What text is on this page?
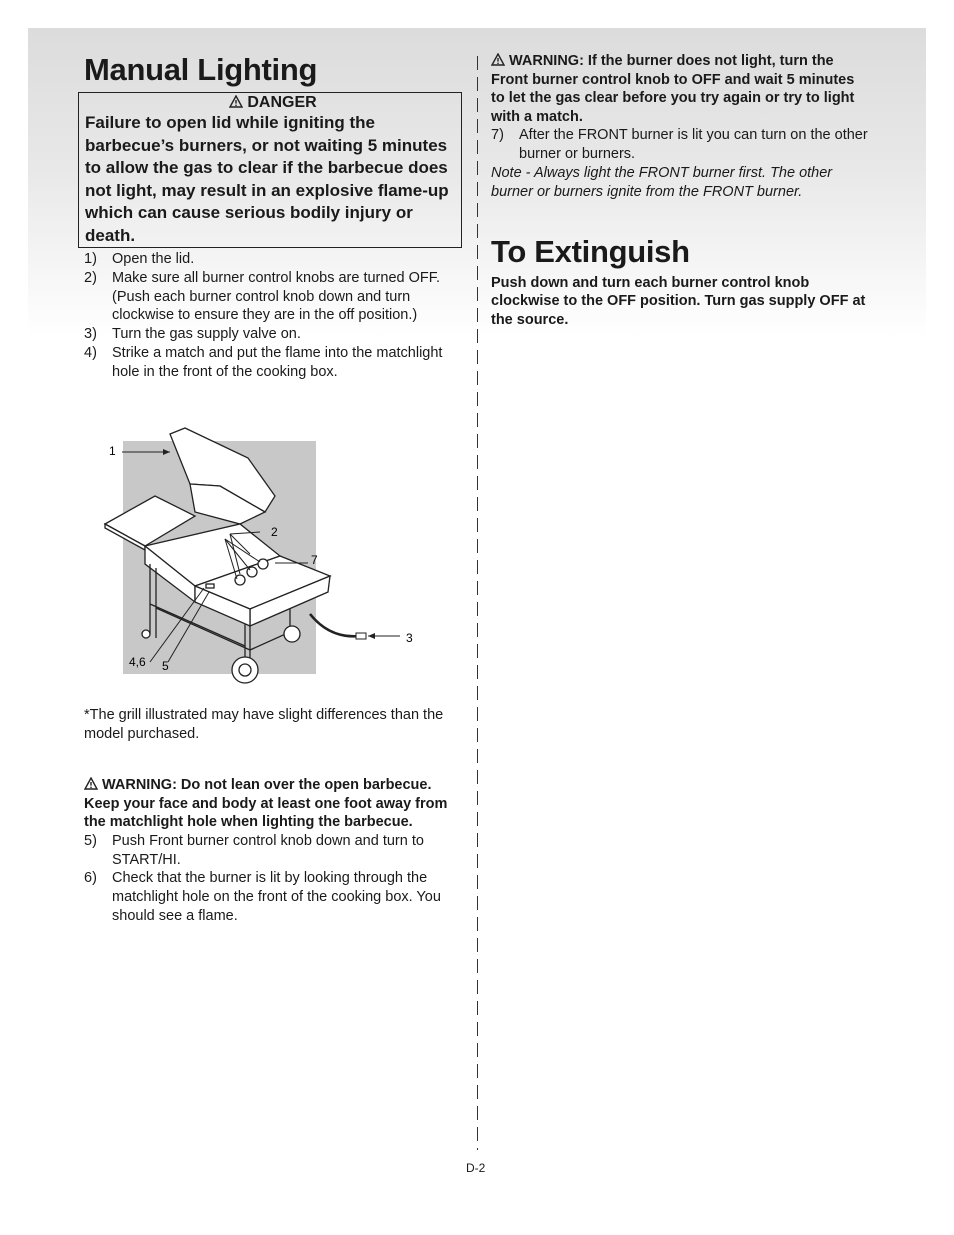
Manual Lighting
DANGER
Failure to open lid while igniting the barbecue’s burners, or not waiting 5 minutes to allow the gas to clear if the barbecue does not light, may result in an explosive flame-up which can cause serious bodily injury or death.
1) Open the lid.
2) Make sure all burner control knobs are turned OFF. (Push each burner control knob down and turn clockwise to ensure they are in the off position.)
3) Turn the gas supply valve on.
4) Strike a match and put the flame into the matchlight hole in the front of the cooking box.
1
2
7
3
4,6 5
*The grill illustrated may have slight differences than the model purchased.
WARNING: Do not lean over the open barbecue. Keep your face and body at least one foot away from the matchlight hole when lighting the barbecue.
5) Push Front burner control knob down and turn to START/HI.
6) Check that the burner is lit by looking through the matchlight hole on the front of the cooking box. You should see a flame.
WARNING: If the burner does not light, turn the Front burner control knob to OFF and wait 5 minutes to let the gas clear before you try again or try to light with a match.
7) After the FRONT burner is lit you can turn on the other burner or burners.
Note - Always light the FRONT burner first. The other burner or burners ignite from the FRONT burner.
To Extinguish
Push down and turn each burner control knob clockwise to the OFF position. Turn gas supply OFF at the source.
D-2
